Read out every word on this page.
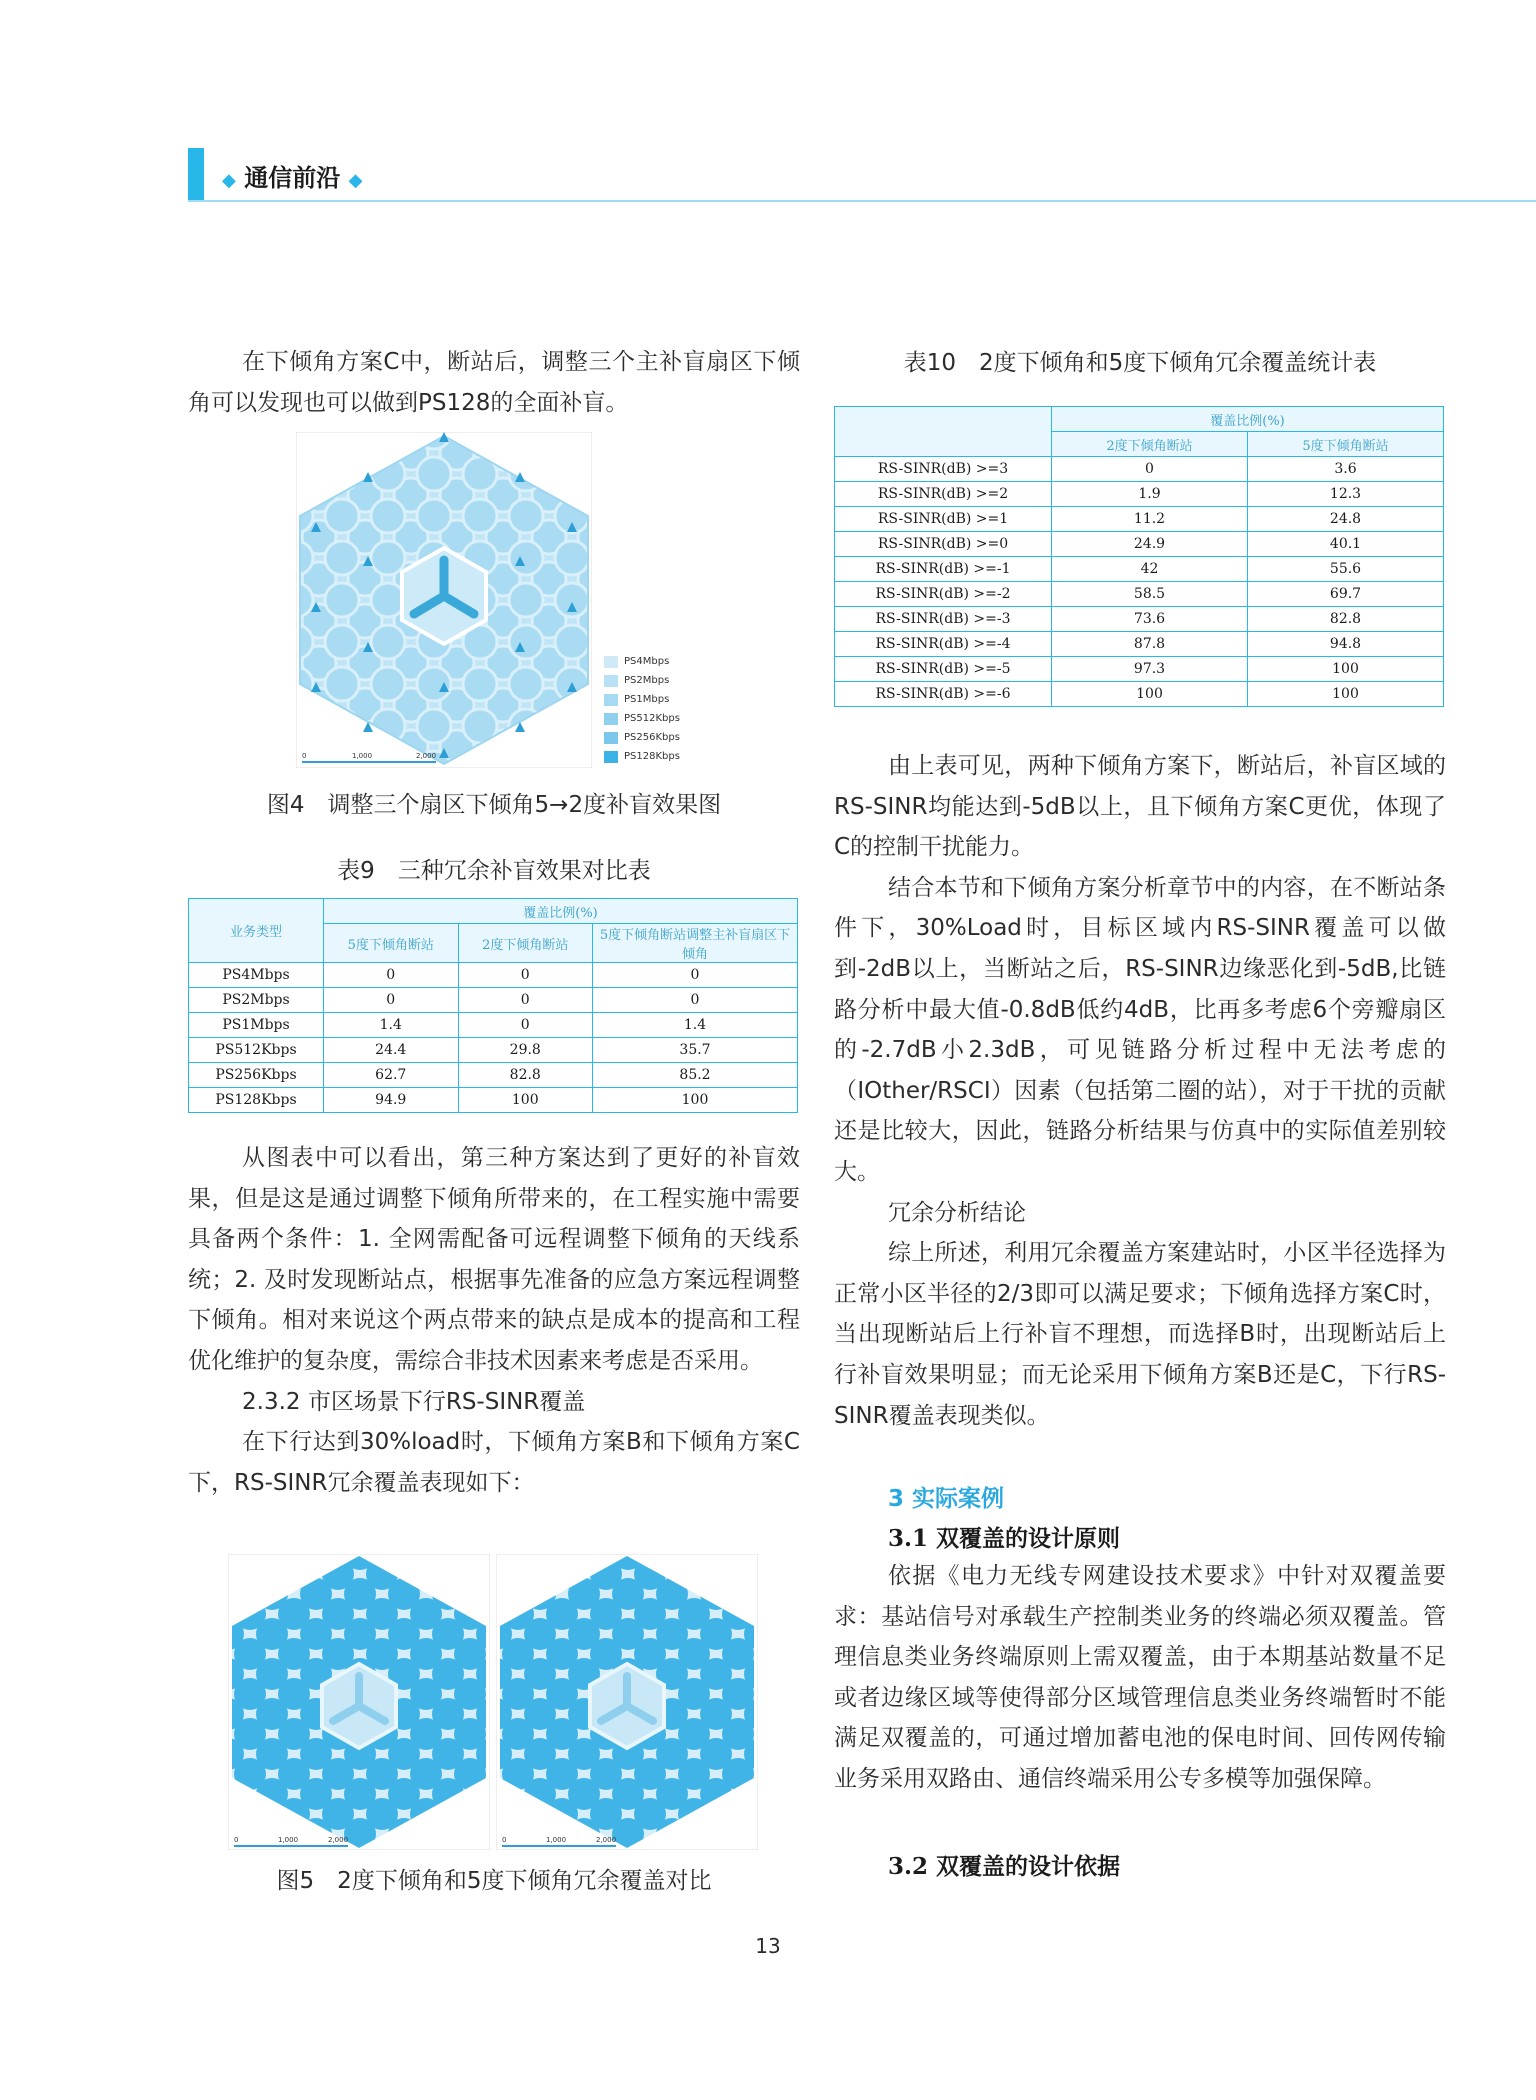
◆ 通信前沿 ◆

在下倾角方案C中，断站后，调整三个主补盲扇区下倾角可以发现也可以做到PS128的全面补盲。

0	1,000	2,000
PS4Mbps
PS2Mbps
PS1Mbps
PS512Kbps
PS256Kbps
PS128Kbps
图4　调整三个扇区下倾角5→2度补盲效果图
表9　三种冗余补盲效果对比表
业务类型	覆盖比例(%)		
	5度下倾角断站	2度下倾角断站	5度下倾角断站调整主补盲扇区下倾角
PS4Mbps	0	0	0
PS2Mbps	0	0	0
PS1Mbps	1.4	0	1.4
PS512Kbps	24.4	29.8	35.7
PS256Kbps	62.7	82.8	85.2
PS128Kbps	94.9	100	100

从图表中可以看出，第三种方案达到了更好的补盲效果，但是这是通过调整下倾角所带来的，在工程实施中需要具备两个条件：1. 全网需配备可远程调整下倾角的天线系统；2. 及时发现断站点，根据事先准备的应急方案远程调整下倾角。相对来说这个两点带来的缺点是成本的提高和工程优化维护的复杂度，需综合非技术因素来考虑是否采用。

2.3.2 市区场景下行RS-SINR覆盖

在下行达到30%load时，下倾角方案B和下倾角方案C下，RS-SINR冗余覆盖表现如下：

0	1,000	2,000	0	1,000	2,000
图5　2度下倾角和5度下倾角冗余覆盖对比
表10　2度下倾角和5度下倾角冗余覆盖统计表
	覆盖比例(%)	
	2度下倾角断站	5度下倾角断站
RS-SINR(dB) >=3	0	3.6
RS-SINR(dB) >=2	1.9	12.3
RS-SINR(dB) >=1	11.2	24.8
RS-SINR(dB) >=0	24.9	40.1
RS-SINR(dB) >=-1	42	55.6
RS-SINR(dB) >=-2	58.5	69.7
RS-SINR(dB) >=-3	73.6	82.8
RS-SINR(dB) >=-4	87.8	94.8
RS-SINR(dB) >=-5	97.3	100
RS-SINR(dB) >=-6	100	100

由上表可见，两种下倾角方案下，断站后，补盲区域的RS-SINR均能达到-5dB以上，且下倾角方案C更优，体现了C的控制干扰能力。

结合本节和下倾角方案分析章节中的内容，在不断站条件下，30%Load时，目标区域内RS-SINR覆盖可以做到-2dB以上，当断站之后，RS-SINR边缘恶化到-5dB,比链路分析中最大值-0.8dB低约4dB，比再多考虑6个旁瓣扇区的-2.7dB小2.3dB，可见链路分析过程中无法考虑的（IOther/RSCI）因素（包括第二圈的站），对于干扰的贡献还是比较大，因此，链路分析结果与仿真中的实际值差别较大。

冗余分析结论

综上所述，利用冗余覆盖方案建站时，小区半径选择为正常小区半径的2/3即可以满足要求；下倾角选择方案C时，当出现断站后上行补盲不理想，而选择B时，出现断站后上行补盲效果明显；而无论采用下倾角方案B还是C，下行RS-SINR覆盖表现类似。

3 实际案例
3.1 双覆盖的设计原则

依据《电力无线专网建设技术要求》中针对双覆盖要求：基站信号对承载生产控制类业务的终端必须双覆盖。管理信息类业务终端原则上需双覆盖，由于本期基站数量不足或者边缘区域等使得部分区域管理信息类业务终端暂时不能满足双覆盖的，可通过增加蓄电池的保电时间、回传网传输业务采用双路由、通信终端采用公专多模等加强保障。

3.2 双覆盖的设计依据
13
